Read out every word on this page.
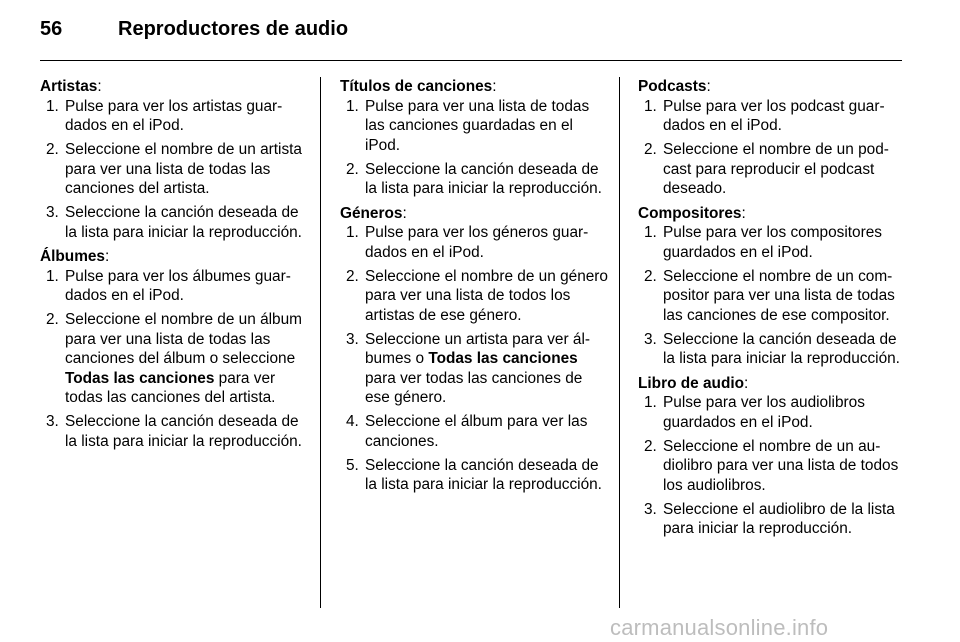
56	Reproductores de audio
Artistas:
1. Pulse para ver los artistas guardados en el iPod.
2. Seleccione el nombre de un artista para ver una lista de todas las canciones del artista.
3. Seleccione la canción deseada de la lista para iniciar la reproducción.
Álbumes:
1. Pulse para ver los álbumes guardados en el iPod.
2. Seleccione el nombre de un álbum para ver una lista de todas las canciones del álbum o seleccione Todas las canciones para ver todas las canciones del artista.
3. Seleccione la canción deseada de la lista para iniciar la reproducción.
Títulos de canciones:
1. Pulse para ver una lista de todas las canciones guardadas en el iPod.
2. Seleccione la canción deseada de la lista para iniciar la reproducción.
Géneros:
1. Pulse para ver los géneros guardados en el iPod.
2. Seleccione el nombre de un género para ver una lista de todos los artistas de ese género.
3. Seleccione un artista para ver álbumes o Todas las canciones para ver todas las canciones de ese género.
4. Seleccione el álbum para ver las canciones.
5. Seleccione la canción deseada de la lista para iniciar la reproducción.
Podcasts:
1. Pulse para ver los podcast guardados en el iPod.
2. Seleccione el nombre de un podcast para reproducir el podcast deseado.
Compositores:
1. Pulse para ver los compositores guardados en el iPod.
2. Seleccione el nombre de un compositor para ver una lista de todas las canciones de ese compositor.
3. Seleccione la canción deseada de la lista para iniciar la reproducción.
Libro de audio:
1. Pulse para ver los audiolibros guardados en el iPod.
2. Seleccione el nombre de un audiolibro para ver una lista de todos los audiolibros.
3. Seleccione el audiolibro de la lista para iniciar la reproducción.
carmanualsonline.info
